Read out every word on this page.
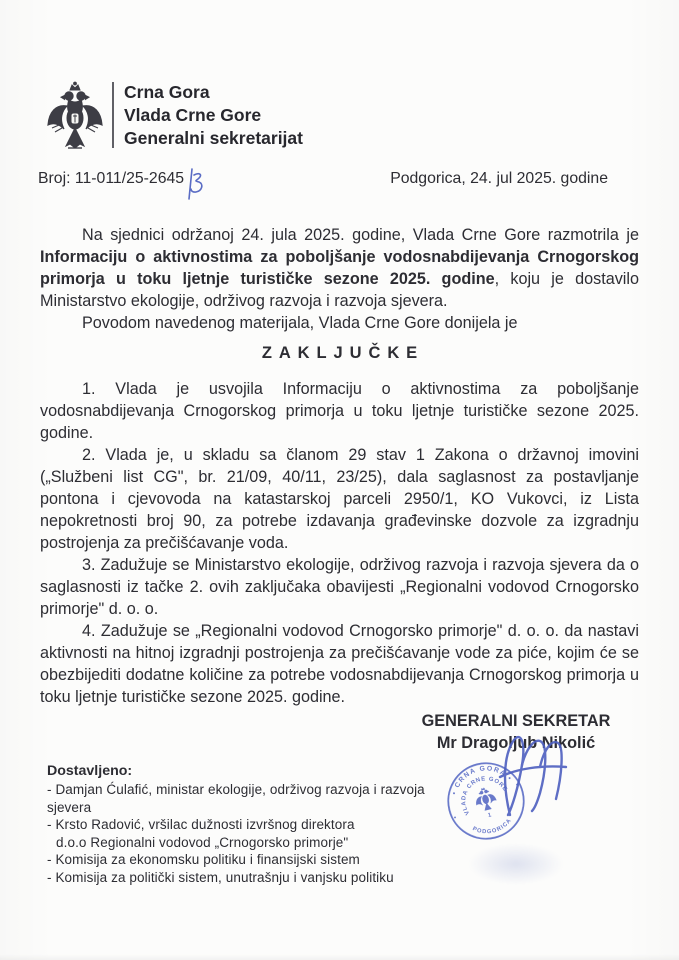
Crna Gora
Vlada Crne Gore
Generalni sekretarijat
Broj: 11-011/25-2645	Podgorica, 24. jul 2025. godine

Na sjednici održanoj 24. jula 2025. godine, Vlada Crne Gore razmotrila je Informaciju o aktivnostima za poboljšanje vodosnabdijevanja Crnogorskog primorja u toku ljetnje turističke sezone 2025. godine, koju je dostavilo Ministarstvo ekologije, održivog razvoja i razvoja sjevera.

Povodom navedenog materijala, Vlada Crne Gore donijela je

ZAKLJUČKE

1. Vlada je usvojila Informaciju o aktivnostima za poboljšanje vodosnabdijevanja Crnogorskog primorja u toku ljetnje turističke sezone 2025. godine.

2. Vlada je, u skladu sa članom 29 stav 1 Zakona o državnoj imovini („Službeni list CG", br. 21/09, 40/11, 23/25), dala saglasnost za postavljanje pontona i cjevovoda na katastarskoj parceli 2950/1, KO Vukovci, iz Lista nepokretnosti broj 90, za potrebe izdavanja građevinske dozvole za izgradnju postrojenja za prečišćavanje voda.

3. Zadužuje se Ministarstvo ekologije, održivog razvoja i razvoja sjevera da o saglasnosti iz tačke 2. ovih zaključaka obavijesti „Regionalni vodovod Crnogorsko primorje" d. o. o.

4. Zadužuje se „Regionalni vodovod Crnogorsko primorje" d. o. o. da nastavi aktivnosti na hitnoj izgradnji postrojenja za prečišćavanje vode za piće, kojim će se obezbijediti dodatne količine za potrebe vodosnabdijevanja Crnogorskog primorja u toku ljetnje turističke sezone 2025. godine.

GENERALNI SEKRETAR
Mr Dragoljub Nikolić
• CRNA GORA •
PODGORICA
VLADA CRNE GORE
1
Dostavljeno:
- Damjan Ćulafić, ministar ekologije, održivog razvoja i razvoja sjevera
- Krsto Radović, vršilac dužnosti izvršnog direktora
d.o.o Regionalni vodovod „Crnogorsko primorje"
- Komisija za ekonomsku politiku i finansijski sistem
- Komisija za politički sistem, unutrašnju i vanjsku politiku
